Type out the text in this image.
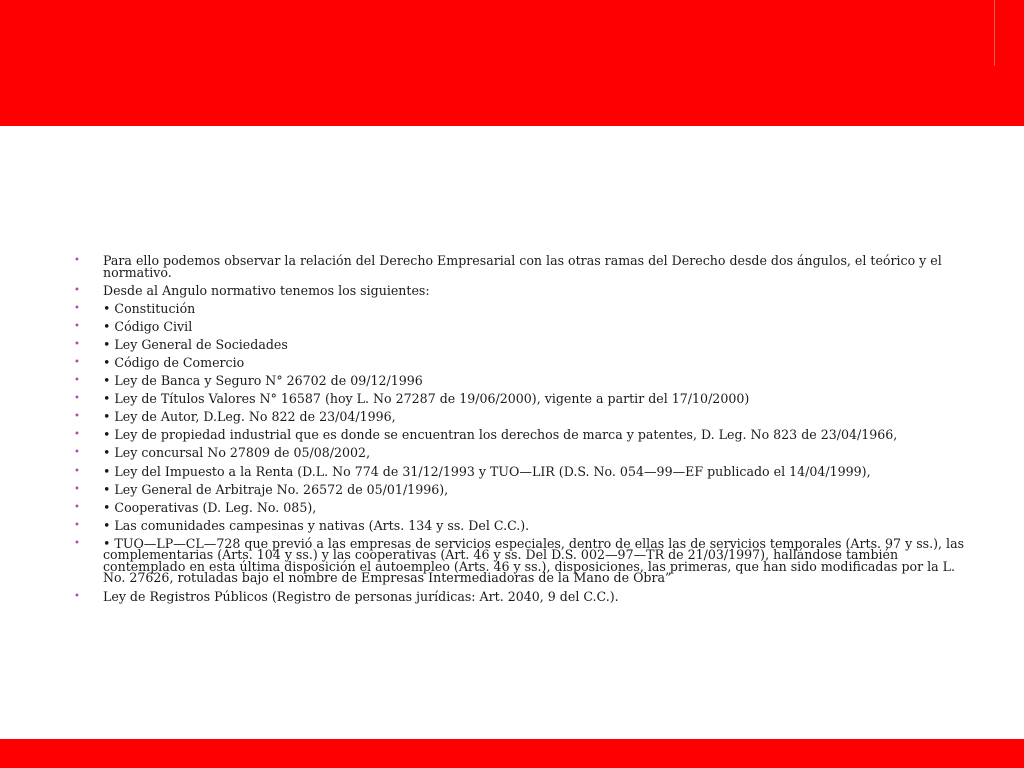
•	Para ello podemos observar la relación del Derecho Empresarial con las otras ramas del Derecho desde dos ángulos, el teórico y el normativo.
•	Desde al Angulo normativo tenemos los siguientes:
•	• Constitución
•	• Código Civil
•	• Ley General de Sociedades
•	• Código de Comercio
•	• Ley de Banca y Seguro N° 26702 de 09/12/1996
•	• Ley de Títulos Valores N° 16587 (hoy L. No 27287 de 19/06/2000), vigente a partir del 17/10/2000)
•	• Ley de Autor, D.Leg. No 822 de 23/04/1996,
•	• Ley de propiedad industrial que es donde se encuentran los derechos de marca y patentes, D. Leg. No 823 de 23/04/1966,
•	• Ley concursal No 27809 de 05/08/2002,
•	• Ley del Impuesto a la Renta (D.L. No 774 de 31/12/1993 y TUO—LIR (D.S. No. 054—99—EF publicado el 14/04/1999),
•	• Ley General de Arbitraje No. 26572 de 05/01/1996),
•	• Cooperativas (D. Leg. No. 085),
•	• Las comunidades campesinas y nativas (Arts. 134 y ss. Del C.C.).
•	• TUO—LP—CL—728 que previó a las empresas de servicios especiales, dentro de ellas las de servicios temporales (Arts. 97 y ss.), las complementarias (Arts. 104 y ss.) y las cooperativas (Art. 46 y ss. Del D.S. 002—97—TR de 21/03/1997), hallándose también contemplado en esta última disposición el autoempleo (Arts. 46 y ss.), disposiciones, las primeras, que han sido modificadas por la L. No. 27626, rotuladas bajo el nombre de Empresas Intermediadoras de la Mano de Obra”
•	Ley de Registros Públicos (Registro de personas jurídicas: Art. 2040, 9 del C.C.).
